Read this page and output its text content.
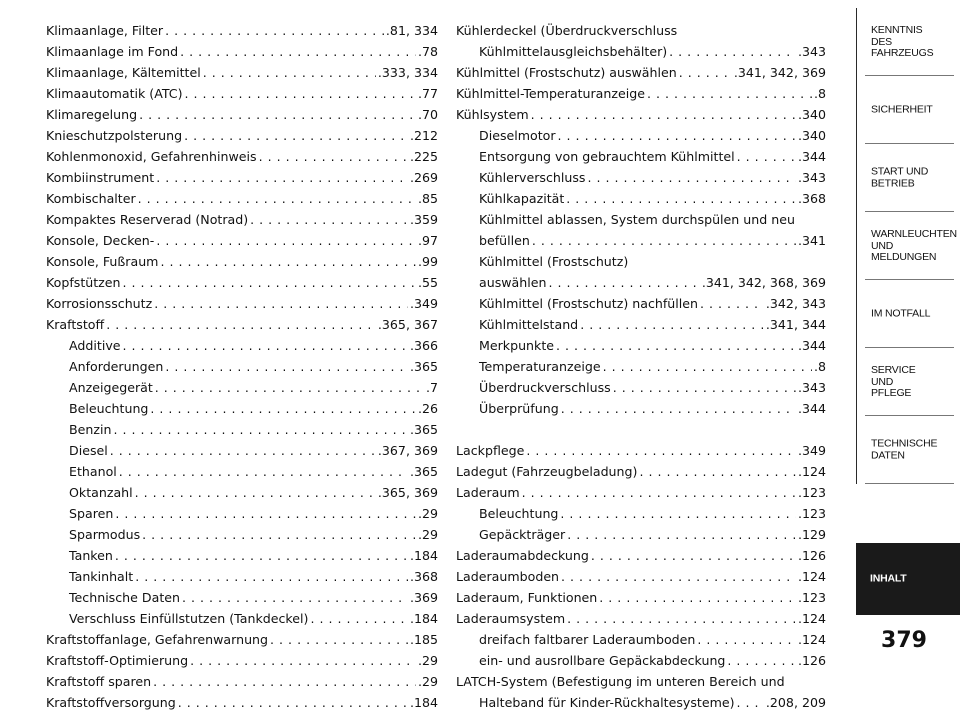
Klimaanlage, Filter . . .	.81, 334
Klimaanlage im Fond . . .	.78
Klimaanlage, Kältemittel . . .	.333, 334
Klimaautomatik (ATC) . . .	.77
Klimaregelung . . .	.70
Knieschutzpolsterung . . .	.212
Kohlenmonoxid, Gefahrenhinweis . . .	.225
Kombiinstrument . . .	.269
Kombischalter . . .	.85
Kompaktes Reserverad (Notrad) . . .	.359
Konsole, Decken- . . .	.97
Konsole, Fußraum . . .	.99
Kopfstützen . . .	.55
Korrosionsschutz . . .	.349
Kraftstoff . . .	.365, 367
Additive . . .	.366
Anforderungen . . .	.365
Anzeigegerät . . .	.7
Beleuchtung . . .	.26
Benzin . . .	.365
Diesel . . .	.367, 369
Ethanol . . .	.365
Oktanzahl . . .	.365, 369
Sparen . . .	.29
Sparmodus . . .	.29
Tanken . . .	.184
Tankinhalt . . .	.368
Technische Daten . . .	.369
Verschluss Einfüllstutzen (Tankdeckel) . . .	.184
Kraftstoffanlage, Gefahrenwarnung . . .	.185
Kraftstoff-Optimierung . . .	.29
Kraftstoff sparen . . .	.29
Kraftstoffversorgung . . .	.184
Kühlerdeckel (Überdruckverschluss
Kühlmittelausgleichsbehälter) . . .	.343
Kühlmittel (Frostschutz) auswählen . . .	.341, 342, 369
Kühlmittel-Temperaturanzeige . . .	.8
Kühlsystem . . .	.340
Dieselmotor . . .	.340
Entsorgung von gebrauchtem Kühlmittel . . .	.344
Kühlerverschluss . . .	.343
Kühlkapazität . . .	.368
Kühlmittel ablassen, System durchspülen und neu
befüllen . . .	.341
Kühlmittel (Frostschutz)
auswählen . . .	.341, 342, 368, 369
Kühlmittel (Frostschutz) nachfüllen . . .	.342, 343
Kühlmittelstand . . .	.341, 344
Merkpunkte . . .	.344
Temperaturanzeige . . .	.8
Überdruckverschluss . . .	.343
Überprüfung . . .	.344
Lackpflege . . .	.349
Ladegut (Fahrzeugbeladung) . . .	.124
Laderaum . . .	.123
Beleuchtung . . .	.123
Gepäckträger . . .	.129
Laderaumabdeckung . . .	.126
Laderaumboden . . .	.124
Laderaum, Funktionen . . .	.123
Laderaumsystem . . .	.124
dreifach faltbarer Laderaumboden . . .	.124
ein- und ausrollbare Gepäckabdeckung . . .	.126
LATCH-System (Befestigung im unteren Bereich und
Halteband für Kinder-Rückhaltesysteme) . . . .208, 209
KENNTNIS
DES
FAHRZEUGS
SICHERHEIT
START UND
BETRIEB
WARNLEUCHTEN
UND
MELDUNGEN
IM NOTFALL
SERVICE
UND
PFLEGE
TECHNISCHE
DATEN
INHALT
379
